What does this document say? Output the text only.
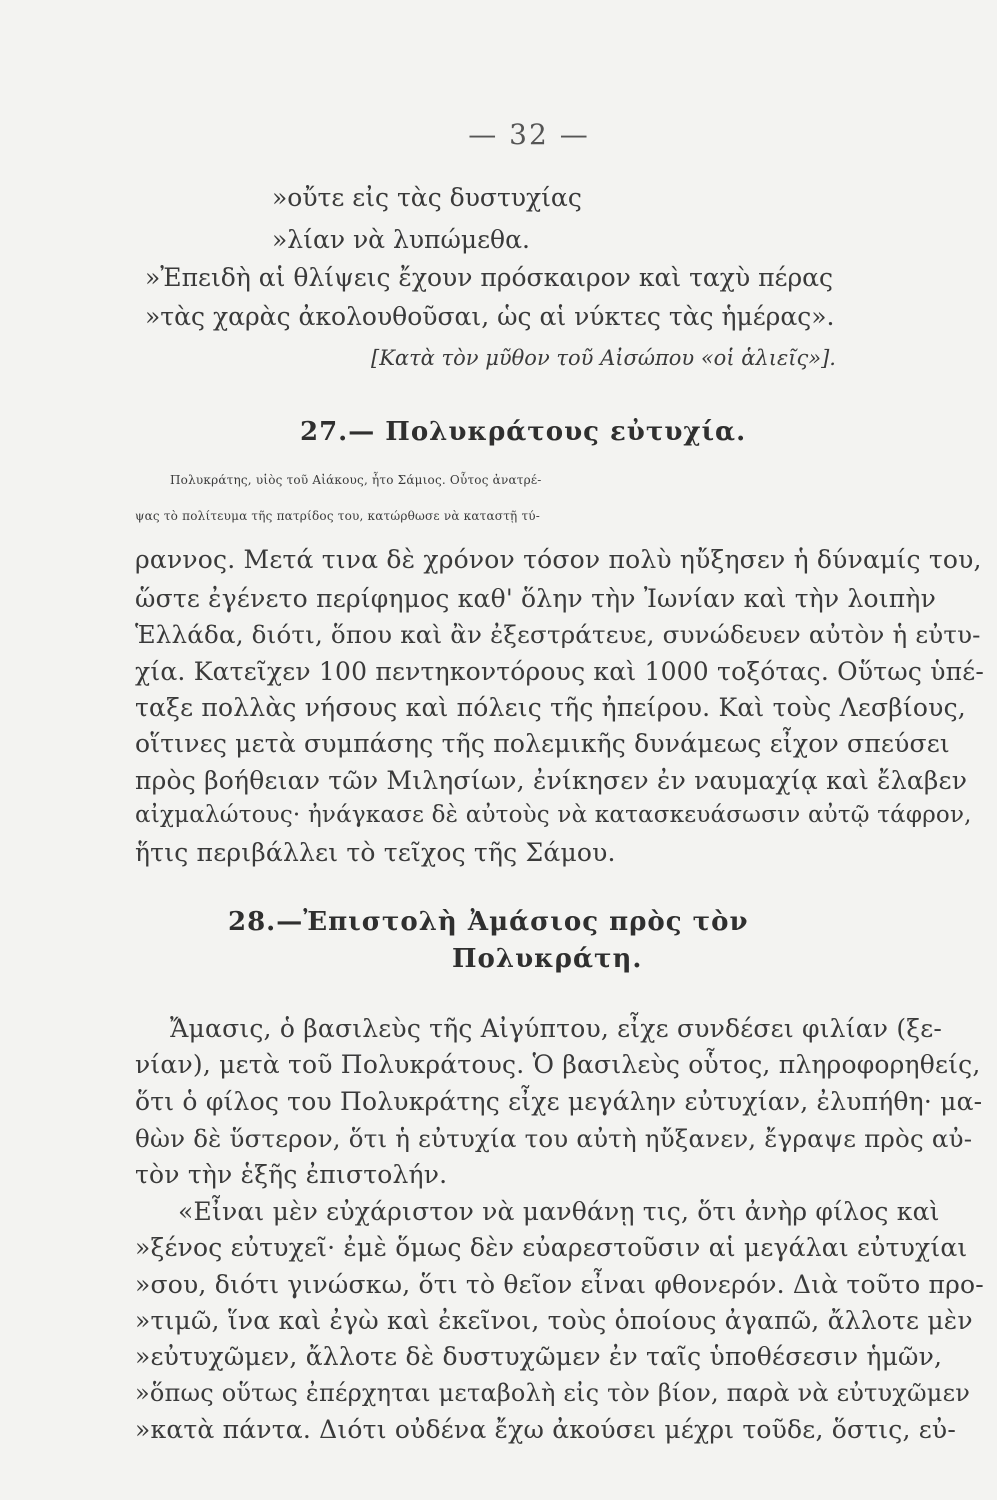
— 32 —
»οὔτε εἰς τὰς δυστυχίας
»λίαν νὰ λυπώμεθα.
»Ἐπειδὴ αἱ θλίψεις ἔχουν πρόσκαιρον καὶ ταχὺ πέρας
»τὰς χαρὰς ἀκολουθοῦσαι, ὡς αἱ νύκτες τὰς ἡμέρας».
[Κατὰ τὸν μῦθον τοῦ Αἰσώπου «οἱ ἁλιεῖς»].
27.— Πολυκράτους εὐτυχία.
Πολυκράτης, υἱὸς τοῦ Αἰάκους, ἦτο Σάμιος. Οὗτος ἀνατρέ-
ψας τὸ πολίτευμα τῆς πατρίδος του, κατώρθωσε νὰ καταστῇ τύ-
ραννος. Μετά τινα δὲ χρόνον τόσον πολὺ ηὔξησεν ἡ δύναμίς του,
ὥστε ἐγένετο περίφημος καθ' ὅλην τὴν Ἰωνίαν καὶ τὴν λοιπὴν
Ἑλλάδα, διότι, ὅπου καὶ ἂν ἐξεστράτευε, συνώδευεν αὐτὸν ἡ εὐτυ-
χία. Κατεῖχεν 100 πεντηκοντόρους καὶ 1000 τοξότας. Οὕτως ὑπέ-
ταξε πολλὰς νήσους καὶ πόλεις τῆς ἠπείρου. Καὶ τοὺς Λεσβίους,
οἵτινες μετὰ συμπάσης τῆς πολεμικῆς δυνάμεως εἶχον σπεύσει
πρὸς βοήθειαν τῶν Μιλησίων, ἐνίκησεν ἐν ναυμαχίᾳ καὶ ἔλαβεν
αἰχμαλώτους· ἠνάγκασε δὲ αὐτοὺς νὰ κατασκευάσωσιν αὐτῷ τάφρον,
ἥτις περιβάλλει τὸ τεῖχος τῆς Σάμου.
28.—Ἐπιστολὴ Ἀμάσιος πρὸς τὸν
Πολυκράτη.
Ἄμασις, ὁ βασιλεὺς τῆς Αἰγύπτου, εἶχε συνδέσει φιλίαν (ξε-
νίαν), μετὰ τοῦ Πολυκράτους. Ὁ βασιλεὺς οὗτος, πληροφορηθείς,
ὅτι ὁ φίλος του Πολυκράτης εἶχε μεγάλην εὐτυχίαν, ἐλυπήθη· μα-
θὼν δὲ ὕστερον, ὅτι ἡ εὐτυχία του αὐτὴ ηὔξανεν, ἔγραψε πρὸς αὐ-
τὸν τὴν ἑξῆς ἐπιστολήν.
«Εἶναι μὲν εὐχάριστον νὰ μανθάνῃ τις, ὅτι ἀνὴρ φίλος καὶ
»ξένος εὐτυχεῖ· ἐμὲ ὅμως δὲν εὐαρεστοῦσιν αἱ μεγάλαι εὐτυχίαι
»σου, διότι γινώσκω, ὅτι τὸ θεῖον εἶναι φθονερόν. Διὰ τοῦτο προ-
»τιμῶ, ἵνα καὶ ἐγὼ καὶ ἐκεῖνοι, τοὺς ὁποίους ἀγαπῶ, ἄλλοτε μὲν
»εὐτυχῶμεν, ἄλλοτε δὲ δυστυχῶμεν ἐν ταῖς ὑποθέσεσιν ἡμῶν,
»ὅπως οὕτως ἐπέρχηται μεταβολὴ εἰς τὸν βίον, παρὰ νὰ εὐτυχῶμεν
»κατὰ πάντα. Διότι οὐδένα ἔχω ἀκούσει μέχρι τοῦδε, ὅστις, εὐ-
